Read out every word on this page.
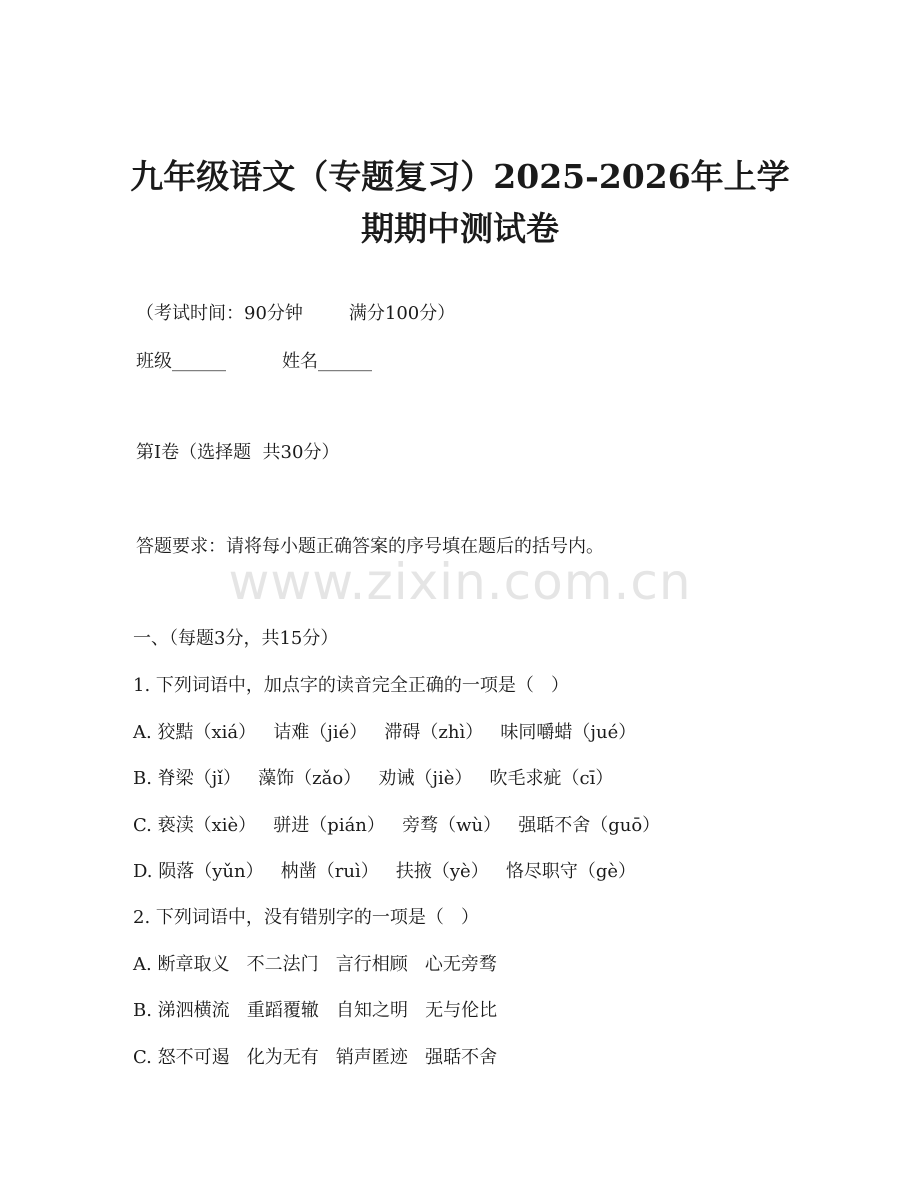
九年级语文（专题复习）2025-2026年上学
期期中测试卷
（考试时间：90分钟	满分100分）
班级______	姓名______
第I卷（选择题  共30分）
答题要求：请将每小题正确答案的序号填在题后的括号内。
www.zixin.com.cn
一、（每题3分，共15分）
1. 下列词语中，加点字的读音完全正确的一项是（   ）
A. 狡黠（xiá）   诘难（jié）   滞碍（zhì）   味同嚼蜡（jué）
B. 脊梁（jǐ）   藻饰（zǎo）   劝诫（jiè）   吹毛求疵（cī）
C. 亵渎（xiè）   骈进（pián）   旁骛（wù）   强聒不舍（guō）
D. 陨落（yǔn）   枘凿（ruì）   扶掖（yè）   恪尽职守（gè）
2. 下列词语中，没有错别字的一项是（   ）
A. 断章取义   不二法门   言行相顾   心无旁骛
B. 涕泗横流   重蹈覆辙   自知之明   无与伦比
C. 怒不可遏   化为无有   销声匿迹   强聒不舍
